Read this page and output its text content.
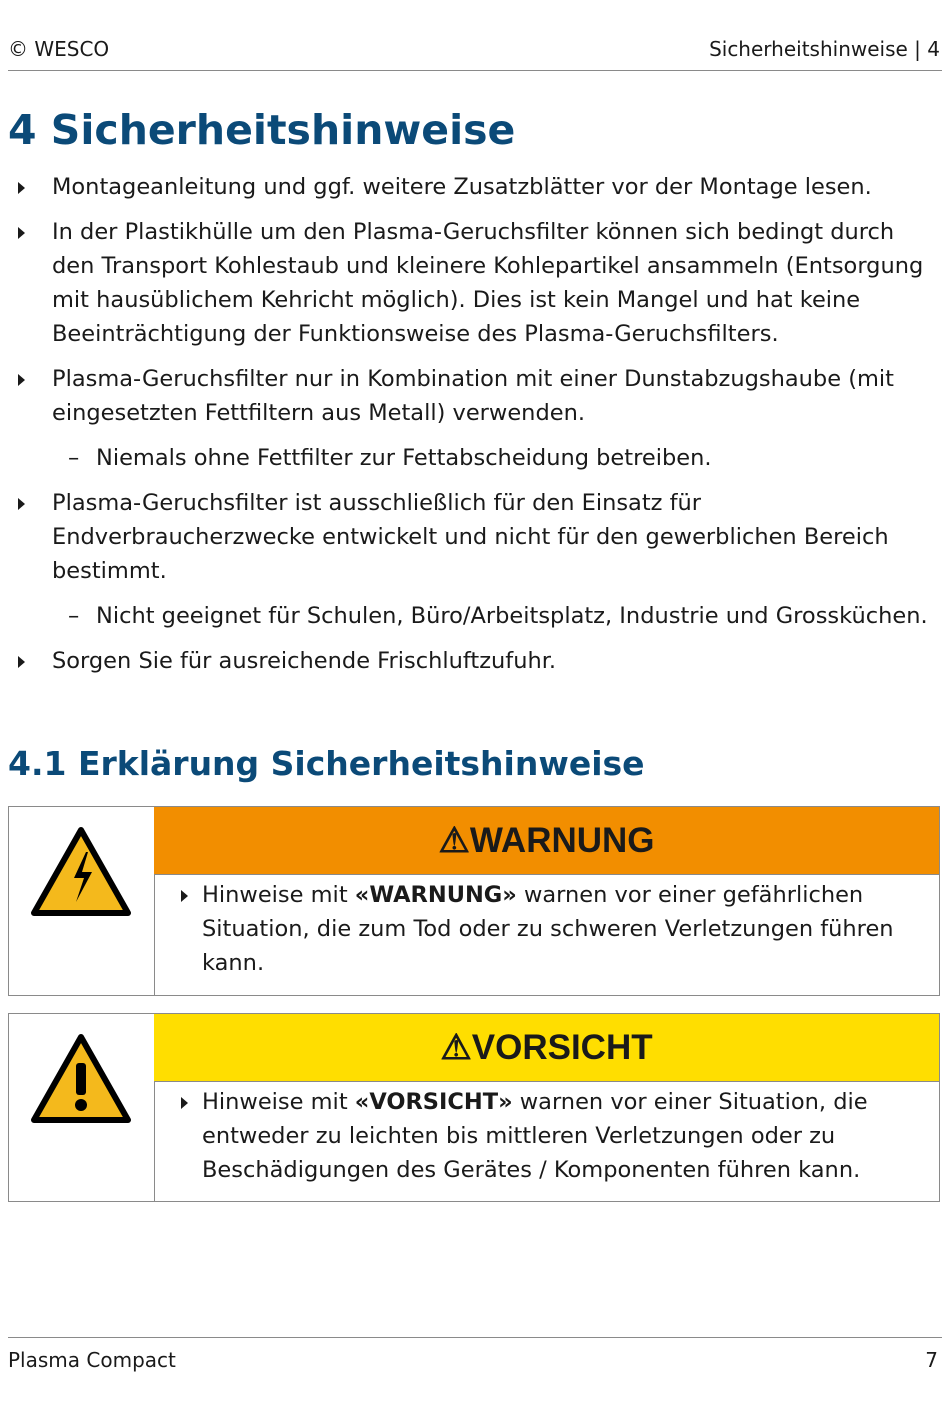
© WESCO	Sicherheitshinweise | 4
4 Sicherheitshinweise
Montageanleitung und ggf. weitere Zusatzblätter vor der Montage lesen.
In der Plastikhülle um den Plasma-Geruchsfilter können sich bedingt durch den Transport Kohlestaub und kleinere Kohlepartikel ansammeln (Entsorgung mit hausüblichem Kehricht möglich). Dies ist kein Mangel und hat keine Beeinträchtigung der Funktionsweise des Plasma-Geruchsfilters.
Plasma-Geruchsfilter nur in Kombination mit einer Dunstabzugshaube (mit eingesetzten Fettfiltern aus Metall) verwenden.
– Niemals ohne Fettfilter zur Fettabscheidung betreiben.
Plasma-Geruchsfilter ist ausschließlich für den Einsatz für Endverbraucherzwecke entwickelt und nicht für den gewerblichen Bereich bestimmt.
– Nicht geeignet für Schulen, Büro/Arbeitsplatz, Industrie und Grossküchen.
Sorgen Sie für ausreichende Frischluftzufuhr.
4.1 Erklärung Sicherheitshinweise
⚠WARNUNG
Hinweise mit «WARNUNG» warnen vor einer gefährlichen Situation, die zum Tod oder zu schweren Verletzungen führen kann.
⚠VORSICHT
Hinweise mit «VORSICHT» warnen vor einer Situation, die entweder zu leichten bis mittleren Verletzungen oder zu Beschädigungen des Gerätes / Komponenten führen kann.
Plasma Compact	7
